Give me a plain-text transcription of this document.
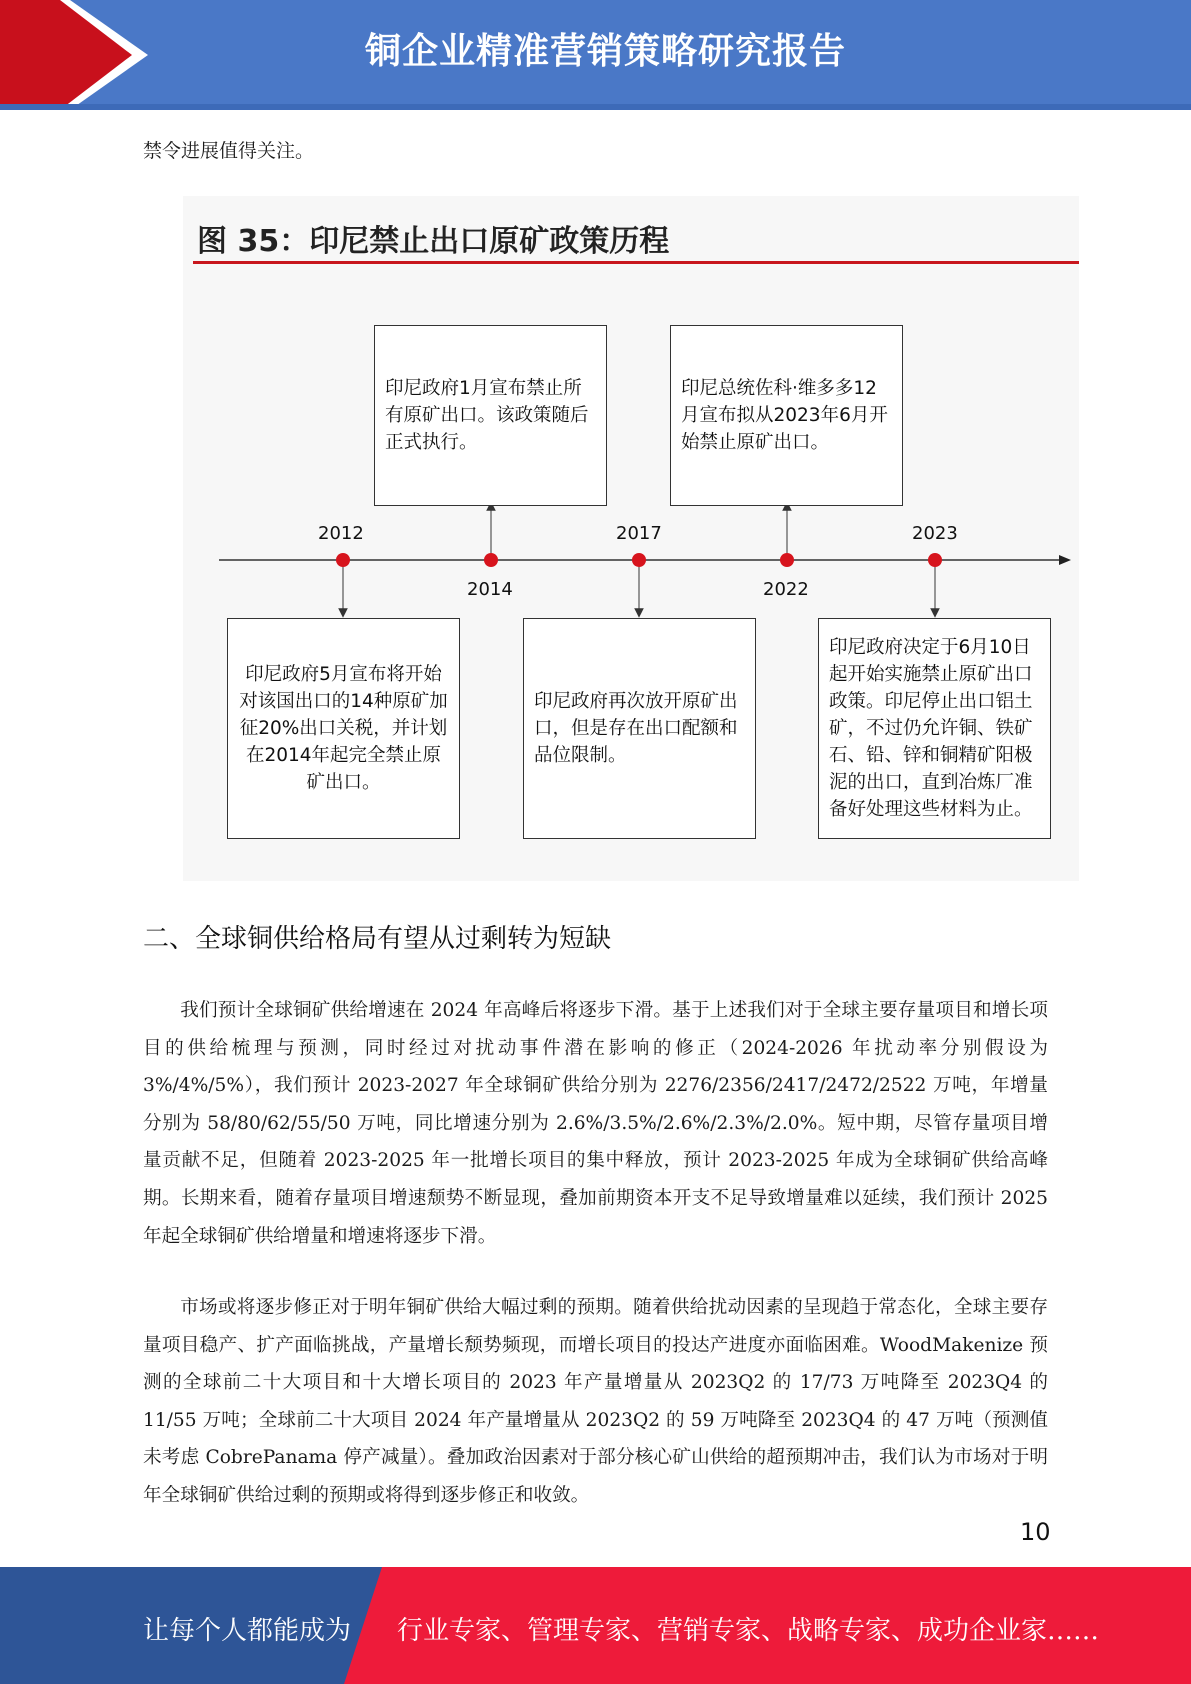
铜企业精准营销策略研究报告
禁令进展值得关注。
图 35：印尼禁止出口原矿政策历程
2012
2014
2017
2022
2023
印尼政府5月宣布将开始对该国出口的14种原矿加征20%出口关税，并计划在2014年起完全禁止原矿出口。
印尼政府1月宣布禁止所有原矿出口。该政策随后正式执行。
印尼政府再次放开原矿出口，但是存在出口配额和品位限制。
印尼总统佐科·维多多12月宣布拟从2023年6月开始禁止原矿出口。
印尼政府决定于6月10日起开始实施禁止原矿出口政策。印尼停止出口铝土矿，不过仍允许铜、铁矿石、铅、锌和铜精矿阳极泥的出口，直到冶炼厂准备好处理这些材料为止。
二、全球铜供给格局有望从过剩转为短缺
我们预计全球铜矿供给增速在 2024 年高峰后将逐步下滑。基于上述我们对于全球主要存量项目和增长项目的供给梳理与预测，同时经过对扰动事件潜在影响的修正（2024-2026 年扰动率分别假设为 3%/4%/5%），我们预计 2023-2027 年全球铜矿供给分别为 2276/2356/2417/2472/2522 万吨，年增量分别为 58/80/62/55/50 万吨，同比增速分别为 2.6%/3.5%/2.6%/2.3%/2.0%。短中期，尽管存量项目增量贡献不足，但随着 2023-2025 年一批增长项目的集中释放，预计 2023-2025 年成为全球铜矿供给高峰期。长期来看，随着存量项目增速颓势不断显现，叠加前期资本开支不足导致增量难以延续，我们预计 2025 年起全球铜矿供给增量和增速将逐步下滑。
市场或将逐步修正对于明年铜矿供给大幅过剩的预期。随着供给扰动因素的呈现趋于常态化，全球主要存量项目稳产、扩产面临挑战，产量增长颓势频现，而增长项目的投达产进度亦面临困难。WoodMakenize 预测的全球前二十大项目和十大增长项目的 2023 年产量增量从 2023Q2 的 17/73 万吨降至 2023Q4 的 11/55 万吨；全球前二十大项目 2024 年产量增量从 2023Q2 的 59 万吨降至 2023Q4 的 47 万吨（预测值未考虑 CobrePanama 停产减量）。叠加政治因素对于部分核心矿山供给的超预期冲击，我们认为市场对于明年全球铜矿供给过剩的预期或将得到逐步修正和收敛。
10
让每个人都能成为 行业专家、管理专家、营销专家、战略专家、成功企业家……
